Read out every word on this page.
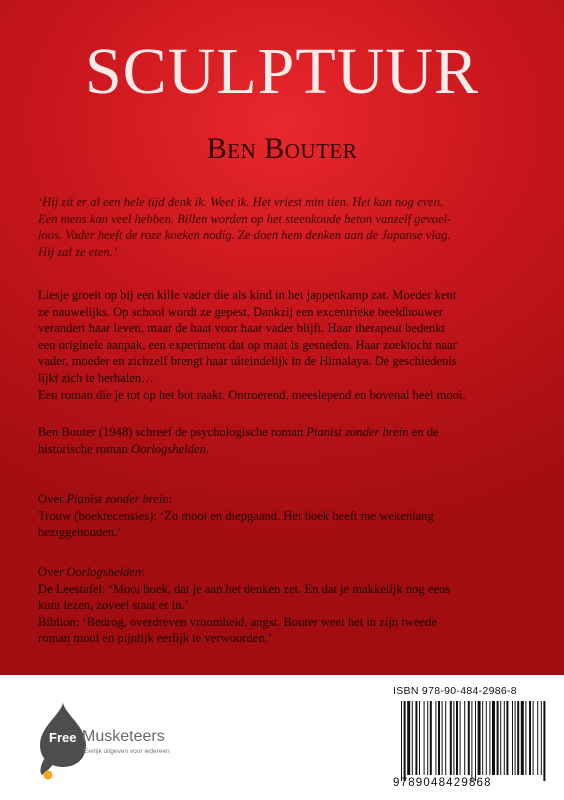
SCULPTUUR
Ben Bouter

‘Hij zit er al een hele tijd denk ik. Weet ik. Het vriest min tien. Het kan nog even.
Een mens kan veel hebben. Billen worden op het steenkoude beton vanzelf gevoel-
loos. Vader heeft de roze koeken nodig. Ze doen hem denken aan de Japanse vlag.
Hij zal ze eten.’

Liesje groeit op bij een kille vader die als kind in het jappenkamp zat. Moeder kent
ze nauwelijks. Op school wordt ze gepest. Dankzij een excentrieke beeldhouwer
verandert haar leven, maar de haat voor haar vader blijft. Haar therapeut bedenkt
een originele aanpak, een experiment dat op maat is gesneden. Haar zoektocht naar
vader, moeder en zichzelf brengt haar uiteindelijk in de Himalaya. De geschiedenis
lijkt zich te herhalen…
Een roman die je tot op het bot raakt. Ontroerend, meeslepend en bovenal heel mooi.

Ben Bouter (1948) schreef de psychologische roman Pianist zonder brein en de
historische roman Oorlogshelden.

Over Pianist zonder brein:
Trouw (boekrecensies): ‘Zo mooi en diepgaand. Het boek heeft me wekenlang
beziggehouden.’

Over Oorlogshelden:
De Leestafel: ‘Mooi boek, dat je aan het denken zet. En dat je makkelijk nog eens
kunt lezen, zoveel staat er in.’
Biblion: ‘Bedrog, overdreven vroomheid, angst. Bouter weet het in zijn tweede
roman mooi en pijnlijk eerlijk te verwoorden.’

Free Musketeers
Eerlijk uitgeven voor iedereen
ISBN 978-90-484-2986-8
9789048429868
